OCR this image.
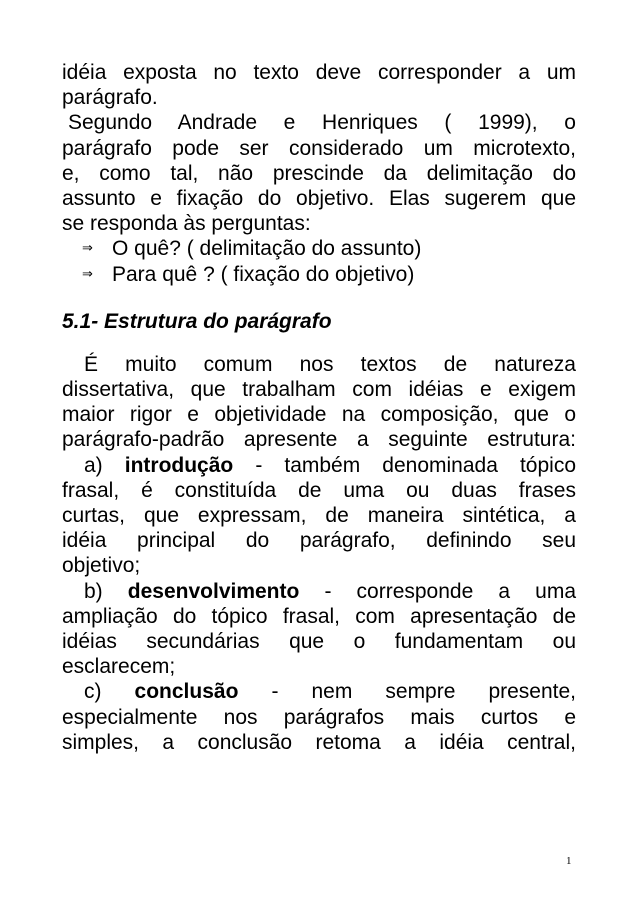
idéia exposta no texto deve corresponder a um
parágrafo.
Segundo Andrade e Henriques ( 1999), o
parágrafo pode ser considerado um microtexto,
e, como tal, não prescinde da delimitação do
assunto e fixação do objetivo. Elas sugerem que
se responda às perguntas:
⇒ O quê? ( delimitação do assunto)
⇒ Para quê ? ( fixação do objetivo)
5.1- Estrutura do parágrafo
É muito comum nos textos de natureza
dissertativa, que trabalham com idéias e exigem
maior rigor e objetividade na composição, que o
parágrafo-padrão apresente a seguinte estrutura:
a) introdução - também denominada tópico
frasal, é constituída de uma ou duas frases
curtas, que expressam, de maneira sintética, a
idéia principal do parágrafo, definindo seu
objetivo;
b) desenvolvimento - corresponde a uma
ampliação do tópico frasal, com apresentação de
idéias secundárias que o fundamentam ou
esclarecem;
c) conclusão - nem sempre presente,
especialmente nos parágrafos mais curtos e
simples, a conclusão retoma a idéia central,
1
